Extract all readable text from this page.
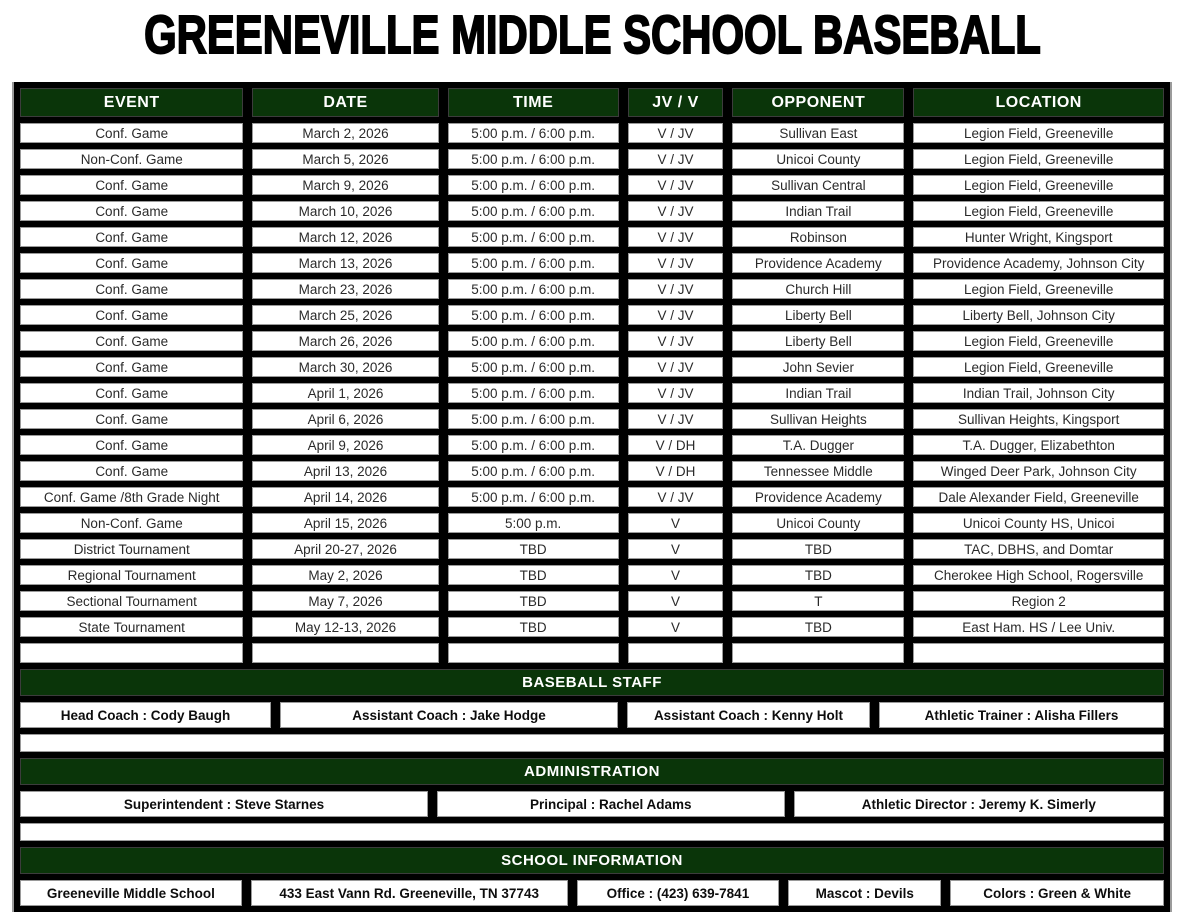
GREENEVILLE MIDDLE SCHOOL BASEBALL
EVENT	DATE	TIME	JV / V	OPPONENT	LOCATION
Conf. Game	March 2, 2026	5:00 p.m. / 6:00 p.m.	V / JV	Sullivan East	Legion Field, Greeneville
Non-Conf. Game	March 5, 2026	5:00 p.m. / 6:00 p.m.	V / JV	Unicoi County	Legion Field, Greeneville
Conf. Game	March 9, 2026	5:00 p.m. / 6:00 p.m.	V / JV	Sullivan Central	Legion Field, Greeneville
Conf. Game	March 10, 2026	5:00 p.m. / 6:00 p.m.	V / JV	Indian Trail	Legion Field, Greeneville
Conf. Game	March 12, 2026	5:00 p.m. / 6:00 p.m.	V / JV	Robinson	Hunter Wright, Kingsport
Conf. Game	March 13, 2026	5:00 p.m. / 6:00 p.m.	V / JV	Providence Academy	Providence Academy, Johnson City
Conf. Game	March 23, 2026	5:00 p.m. / 6:00 p.m.	V / JV	Church Hill	Legion Field, Greeneville
Conf. Game	March 25, 2026	5:00 p.m. / 6:00 p.m.	V / JV	Liberty Bell	Liberty Bell, Johnson City
Conf. Game	March 26, 2026	5:00 p.m. / 6:00 p.m.	V / JV	Liberty Bell	Legion Field, Greeneville
Conf. Game	March 30, 2026	5:00 p.m. / 6:00 p.m.	V / JV	John Sevier	Legion Field, Greeneville
Conf. Game	April 1, 2026	5:00 p.m. / 6:00 p.m.	V / JV	Indian Trail	Indian Trail, Johnson City
Conf. Game	April 6, 2026	5:00 p.m. / 6:00 p.m.	V / JV	Sullivan Heights	Sullivan Heights, Kingsport
Conf. Game	April 9, 2026	5:00 p.m. / 6:00 p.m.	V / DH	T.A. Dugger	T.A. Dugger, Elizabethton
Conf. Game	April 13, 2026	5:00 p.m. / 6:00 p.m.	V / DH	Tennessee Middle	Winged Deer Park, Johnson City
Conf. Game /8th Grade Night	April 14, 2026	5:00 p.m. / 6:00 p.m.	V / JV	Providence Academy	Dale Alexander Field, Greeneville
Non-Conf. Game	April 15, 2026	5:00 p.m.	V	Unicoi County	Unicoi County HS, Unicoi
District Tournament	April 20-27, 2026	TBD	V	TBD	TAC, DBHS, and Domtar
Regional Tournament	May 2, 2026	TBD	V	TBD	Cherokee High School, Rogersville
Sectional Tournament	May 7, 2026	TBD	V	T	Region 2
State Tournament	May 12-13, 2026	TBD	V	TBD	East Ham. HS / Lee Univ.
BASEBALL STAFF
Head Coach : Cody Baugh	Assistant Coach : Jake Hodge	Assistant Coach : Kenny Holt	Athletic Trainer : Alisha Fillers
ADMINISTRATION
Superintendent : Steve Starnes	Principal : Rachel Adams	Athletic Director : Jeremy K. Simerly
SCHOOL INFORMATION
Greeneville Middle School	433 East Vann Rd. Greeneville, TN 37743	Office : (423) 639-7841	Mascot : Devils	Colors : Green & White
